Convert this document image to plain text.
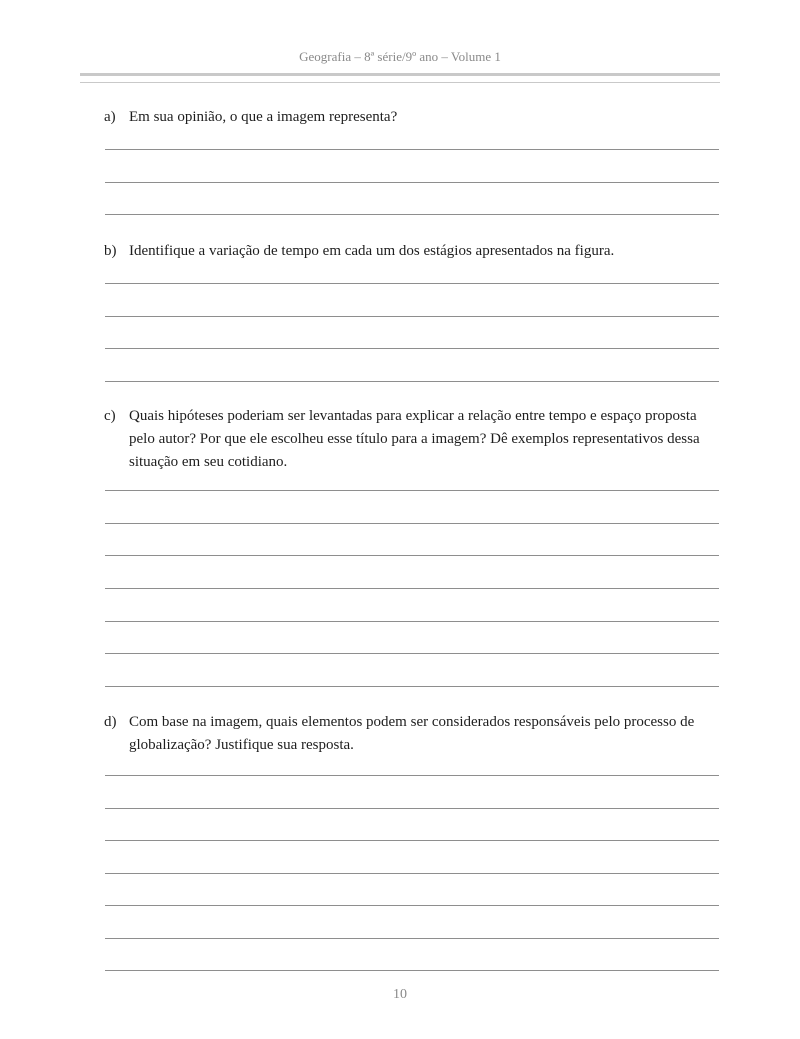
Geografia – 8ª série/9º ano – Volume 1
a) Em sua opinião, o que a imagem representa?
b) Identifique a variação de tempo em cada um dos estágios apresentados na figura.
c) Quais hipóteses poderiam ser levantadas para explicar a relação entre tempo e espaço proposta pelo autor? Por que ele escolheu esse título para a imagem? Dê exemplos representativos dessa situação em seu cotidiano.
d) Com base na imagem, quais elementos podem ser considerados responsáveis pelo processo de globalização? Justifique sua resposta.
10
